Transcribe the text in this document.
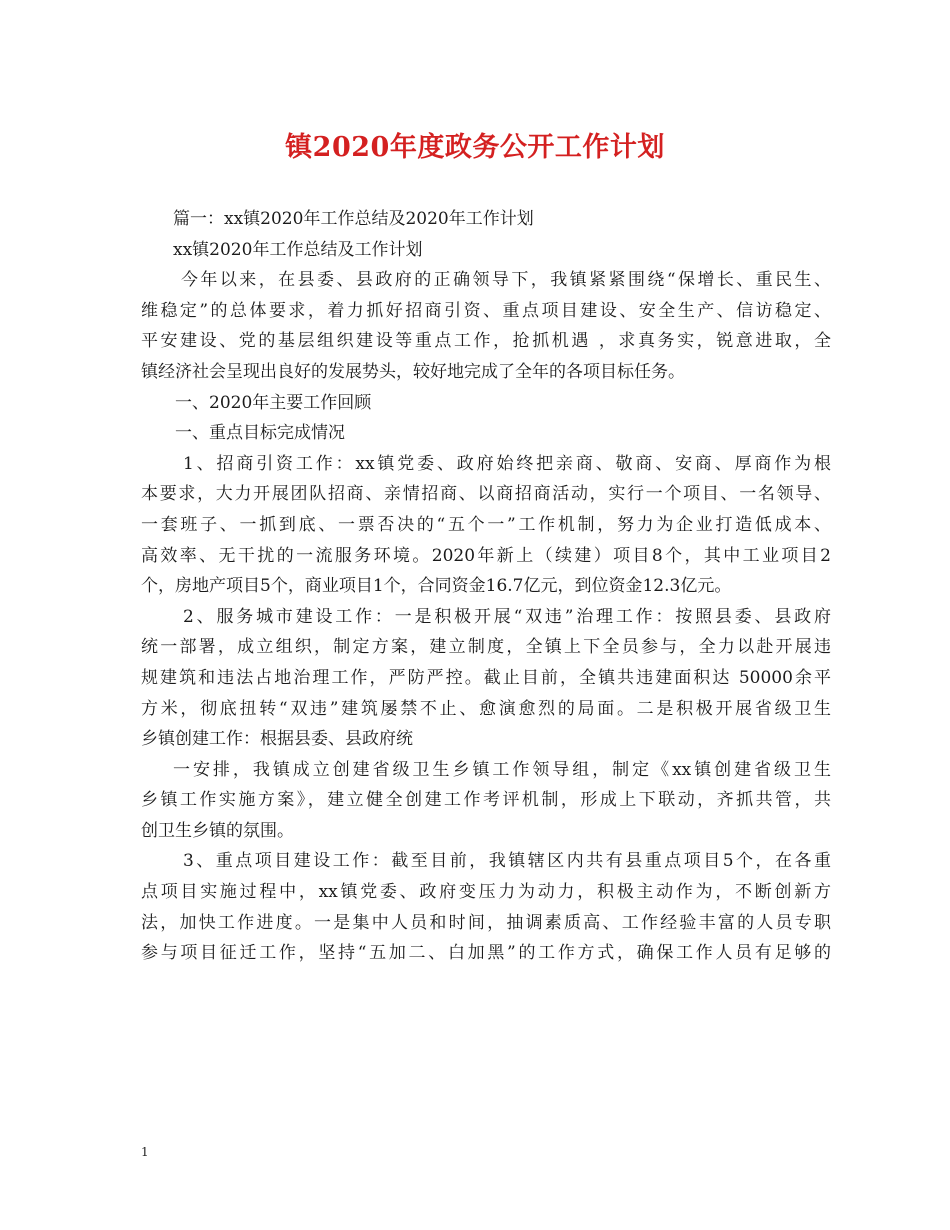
镇2020年度政务公开工作计划
篇一：xx镇2020年工作总结及2020年工作计划
xx镇2020年工作总结及工作计划
今年以来，在县委、县政府的正确领导下，我镇紧紧围绕“保增长、重民生、
维稳定”的总体要求，着力抓好招商引资、重点项目建设、安全生产、信访稳定、
平安建设、党的基层组织建设等重点工作，抢抓机遇 ，求真务实，锐意进取，全
镇经济社会呈现出良好的发展势头，较好地完成了全年的各项目标任务。
一、2020年主要工作回顾
一、重点目标完成情况
1、招商引资工作：xx镇党委、政府始终把亲商、敬商、安商、厚商作为根
本要求，大力开展团队招商、亲情招商、以商招商活动，实行一个项目、一名领导、
一套班子、一抓到底、一票否决的“五个一”工作机制，努力为企业打造低成本、
高效率、无干扰的一流服务环境。2020年新上（续建）项目8个，其中工业项目2
个，房地产项目5个，商业项目1个，合同资金16.7亿元，到位资金12.3亿元。
2、服务城市建设工作：一是积极开展“双违”治理工作：按照县委、县政府
统一部署，成立组织，制定方案，建立制度，全镇上下全员参与，全力以赴开展违
规建筑和违法占地治理工作，严防严控。截止目前，全镇共违建面积达 50000余平
方米，彻底扭转“双违”建筑屡禁不止、愈演愈烈的局面。二是积极开展省级卫生
乡镇创建工作：根据县委、县政府统
一安排，我镇成立创建省级卫生乡镇工作领导组，制定《xx镇创建省级卫生
乡镇工作实施方案》，建立健全创建工作考评机制，形成上下联动，齐抓共管，共
创卫生乡镇的氛围。
3、重点项目建设工作：截至目前，我镇辖区内共有县重点项目5个，在各重
点项目实施过程中，xx镇党委、政府变压力为动力，积极主动作为，不断创新方
法，加快工作进度。一是集中人员和时间，抽调素质高、工作经验丰富的人员专职
参与项目征迁工作，坚持“五加二、白加黑”的工作方式，确保工作人员有足够的
1
